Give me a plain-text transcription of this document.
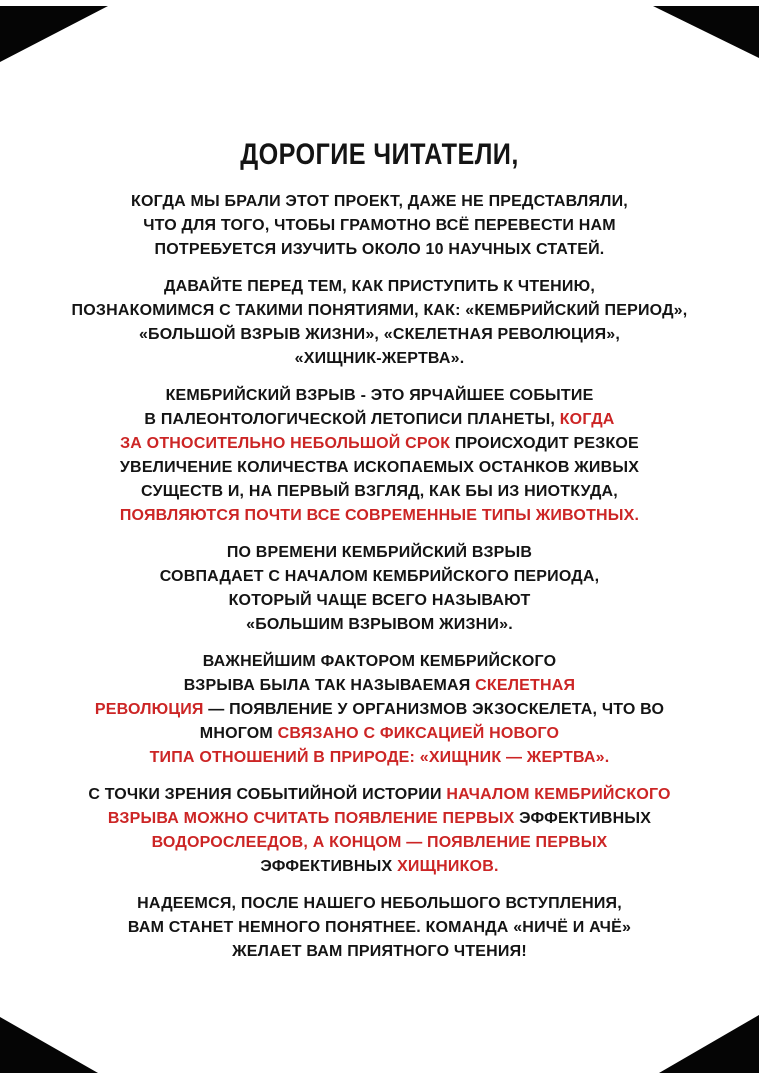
ДОРОГИЕ ЧИТАТЕЛИ,
КОГДА МЫ БРАЛИ ЭТОТ ПРОЕКТ, ДАЖЕ НЕ ПРЕДСТАВЛЯЛИ,
ЧТО ДЛЯ ТОГО, ЧТОБЫ ГРАМОТНО ВСЁ ПЕРЕВЕСТИ НАМ
ПОТРЕБУЕТСЯ ИЗУЧИТЬ ОКОЛО 10 НАУЧНЫХ СТАТЕЙ.
ДАВАЙТЕ ПЕРЕД ТЕМ, КАК ПРИСТУПИТЬ К ЧТЕНИЮ,
ПОЗНАКОМИМСЯ С ТАКИМИ ПОНЯТИЯМИ, КАК: «КЕМБРИЙСКИЙ ПЕРИОД»,
«БОЛЬШОЙ ВЗРЫВ ЖИЗНИ», «СКЕЛЕТНАЯ РЕВОЛЮЦИЯ»,
«ХИЩНИК-ЖЕРТВА».
КЕМБРИЙСКИЙ ВЗРЫВ - ЭТО ЯРЧАЙШЕЕ СОБЫТИЕ
В ПАЛЕОНТОЛОГИЧЕСКОЙ ЛЕТОПИСИ ПЛАНЕТЫ, КОГДА
ЗА ОТНОСИТЕЛЬНО НЕБОЛЬШОЙ СРОК ПРОИСХОДИТ РЕЗКОЕ
УВЕЛИЧЕНИЕ КОЛИЧЕСТВА ИСКОПАЕМЫХ ОСТАНКОВ ЖИВЫХ
СУЩЕСТВ И, НА ПЕРВЫЙ ВЗГЛЯД, КАК БЫ ИЗ НИОТКУДА,
ПОЯВЛЯЮТСЯ ПОЧТИ ВСЕ СОВРЕМЕННЫЕ ТИПЫ ЖИВОТНЫХ.
ПО ВРЕМЕНИ КЕМБРИЙСКИЙ ВЗРЫВ
СОВПАДАЕТ С НАЧАЛОМ КЕМБРИЙСКОГО ПЕРИОДА,
КОТОРЫЙ ЧАЩЕ ВСЕГО НАЗЫВАЮТ
«БОЛЬШИМ ВЗРЫВОМ ЖИЗНИ».
ВАЖНЕЙШИМ ФАКТОРОМ КЕМБРИЙСКОГО
ВЗРЫВА БЫЛА ТАК НАЗЫВАЕМАЯ СКЕЛЕТНАЯ
РЕВОЛЮЦИЯ — ПОЯВЛЕНИЕ У ОРГАНИЗМОВ ЭКЗОСКЕЛЕТА, ЧТО ВО
МНОГОМ СВЯЗАНО С ФИКСАЦИЕЙ НОВОГО
ТИПА ОТНОШЕНИЙ В ПРИРОДЕ: «ХИЩНИК — ЖЕРТВА».
С ТОЧКИ ЗРЕНИЯ СОБЫТИЙНОЙ ИСТОРИИ НАЧАЛОМ КЕМБРИЙСКОГО
ВЗРЫВА МОЖНО СЧИТАТЬ ПОЯВЛЕНИЕ ПЕРВЫХ ЭФФЕКТИВНЫХ
ВОДОРОСЛЕЕДОВ, А КОНЦОМ — ПОЯВЛЕНИЕ ПЕРВЫХ
ЭФФЕКТИВНЫХ ХИЩНИКОВ.
НАДЕЕМСЯ, ПОСЛЕ НАШЕГО НЕБОЛЬШОГО ВСТУПЛЕНИЯ,
ВАМ СТАНЕТ НЕМНОГО ПОНЯТНЕЕ. КОМАНДА «НИЧЁ И АЧЁ»
ЖЕЛАЕТ ВАМ ПРИЯТНОГО ЧТЕНИЯ!
